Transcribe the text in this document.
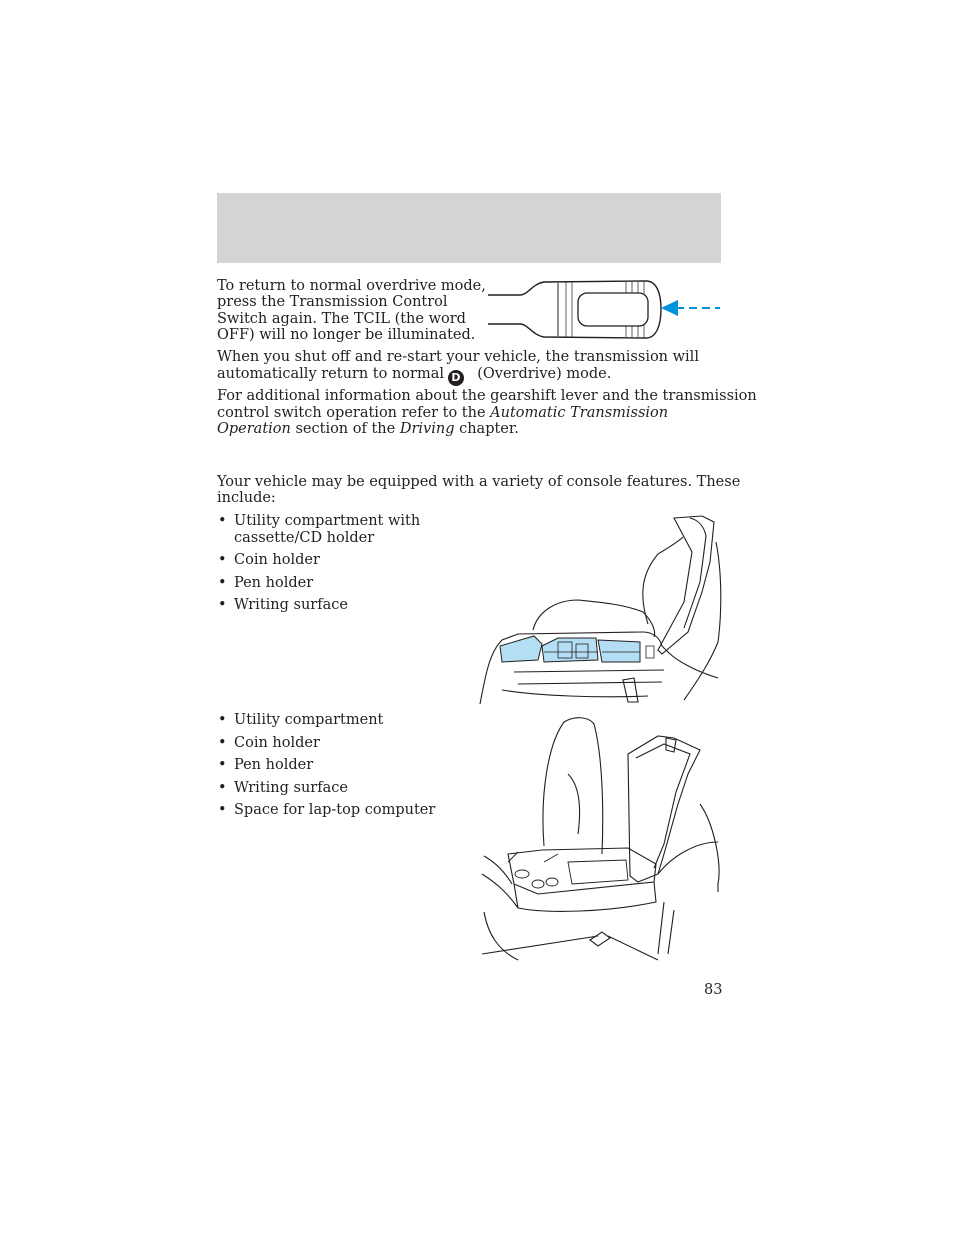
To return to normal overdrive mode,
press the Transmission Control
Switch again. The TCIL (the word
OFF) will no longer be illuminated.
When you shut off and re-start your vehicle, the transmission will
automatically return to normal D (Overdrive) mode.
For additional information about the gearshift lever and the transmission
control switch operation refer to the Automatic Transmission
Operation section of the Driving chapter.
Your vehicle may be equipped with a variety of console features. These
include:
• Utility compartment with
cassette/CD holder
• Coin holder
• Pen holder
• Writing surface
• Utility compartment
• Coin holder
• Pen holder
• Writing surface
• Space for lap-top computer
83
